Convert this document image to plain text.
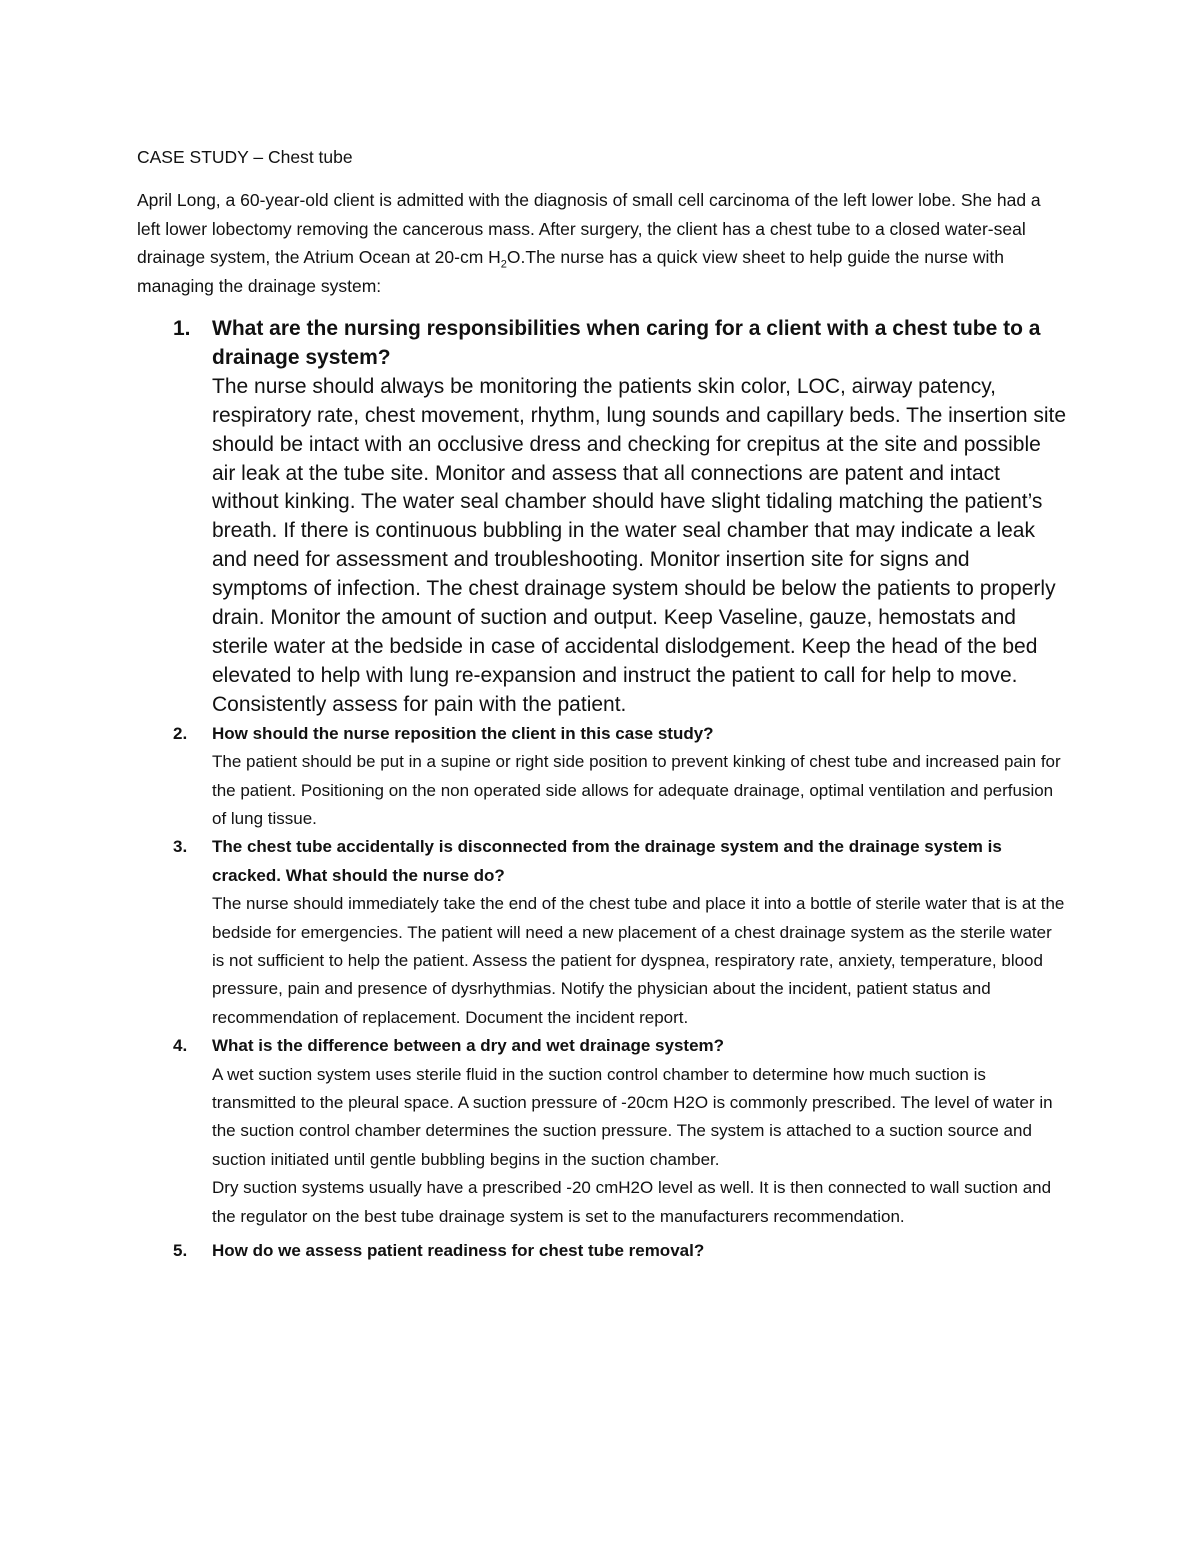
CASE STUDY – Chest tube

April Long, a 60-year-old client is admitted with the diagnosis of small cell carcinoma of the left lower lobe. She had a left lower lobectomy removing the cancerous mass. After surgery, the client has a chest tube to a closed water-seal drainage system, the Atrium Ocean at 20-cm $H_2O.The$ nurse has a quick view sheet to help guide the nurse with managing the drainage system:

1. What are the nursing responsibilities when caring for a client with a chest tube to a drainage system?

The nurse should always be monitoring the patients skin color, LOC, airway patency, respiratory rate, chest movement, rhythm, lung sounds and capillary beds. The insertion site should be intact with an occlusive dress and checking for crepitus at the site and possible air leak at the tube site. Monitor and assess that all connections are patent and intact without kinking. The water seal chamber should have slight tidaling matching the patient’s breath. If there is continuous bubbling in the water seal chamber that may indicate a leak and need for assessment and troubleshooting. Monitor insertion site for signs and symptoms of infection. The chest drainage system should be below the patients to properly drain. Monitor the amount of suction and output. Keep Vaseline, gauze, hemostats and sterile water at the bedside in case of accidental dislodgement. Keep the head of the bed elevated to help with lung re-expansion and instruct the patient to call for help to move. Consistently assess for pain with the patient.

2. How should the nurse reposition the client in this case study?

The patient should be put in a supine or right side position to prevent kinking of chest tube and increased pain for the patient. Positioning on the non operated side allows for adequate drainage, optimal ventilation and perfusion of lung tissue.

3. The chest tube accidentally is disconnected from the drainage system and the drainage system is cracked. What should the nurse do?

The nurse should immediately take the end of the chest tube and place it into a bottle of sterile water that is at the bedside for emergencies. The patient will need a new placement of a chest drainage system as the sterile water is not sufficient to help the patient. Assess the patient for dyspnea, respiratory rate, anxiety, temperature, blood pressure, pain and presence of dysrhythmias. Notify the physician about the incident, patient status and recommendation of replacement. Document the incident report.

4. What is the difference between a dry and wet drainage system?

A wet suction system uses sterile fluid in the suction control chamber to determine how much suction is transmitted to the pleural space. A suction pressure of -20cm H2O is commonly prescribed. The level of water in the suction control chamber determines the suction pressure. The system is attached to a suction source and suction initiated until gentle bubbling begins in the suction chamber.

Dry suction systems usually have a prescribed -20 cmH2O level as well. It is then connected to wall suction and the regulator on the best tube drainage system is set to the manufacturers recommendation.

5. How do we assess patient readiness for chest tube removal?
